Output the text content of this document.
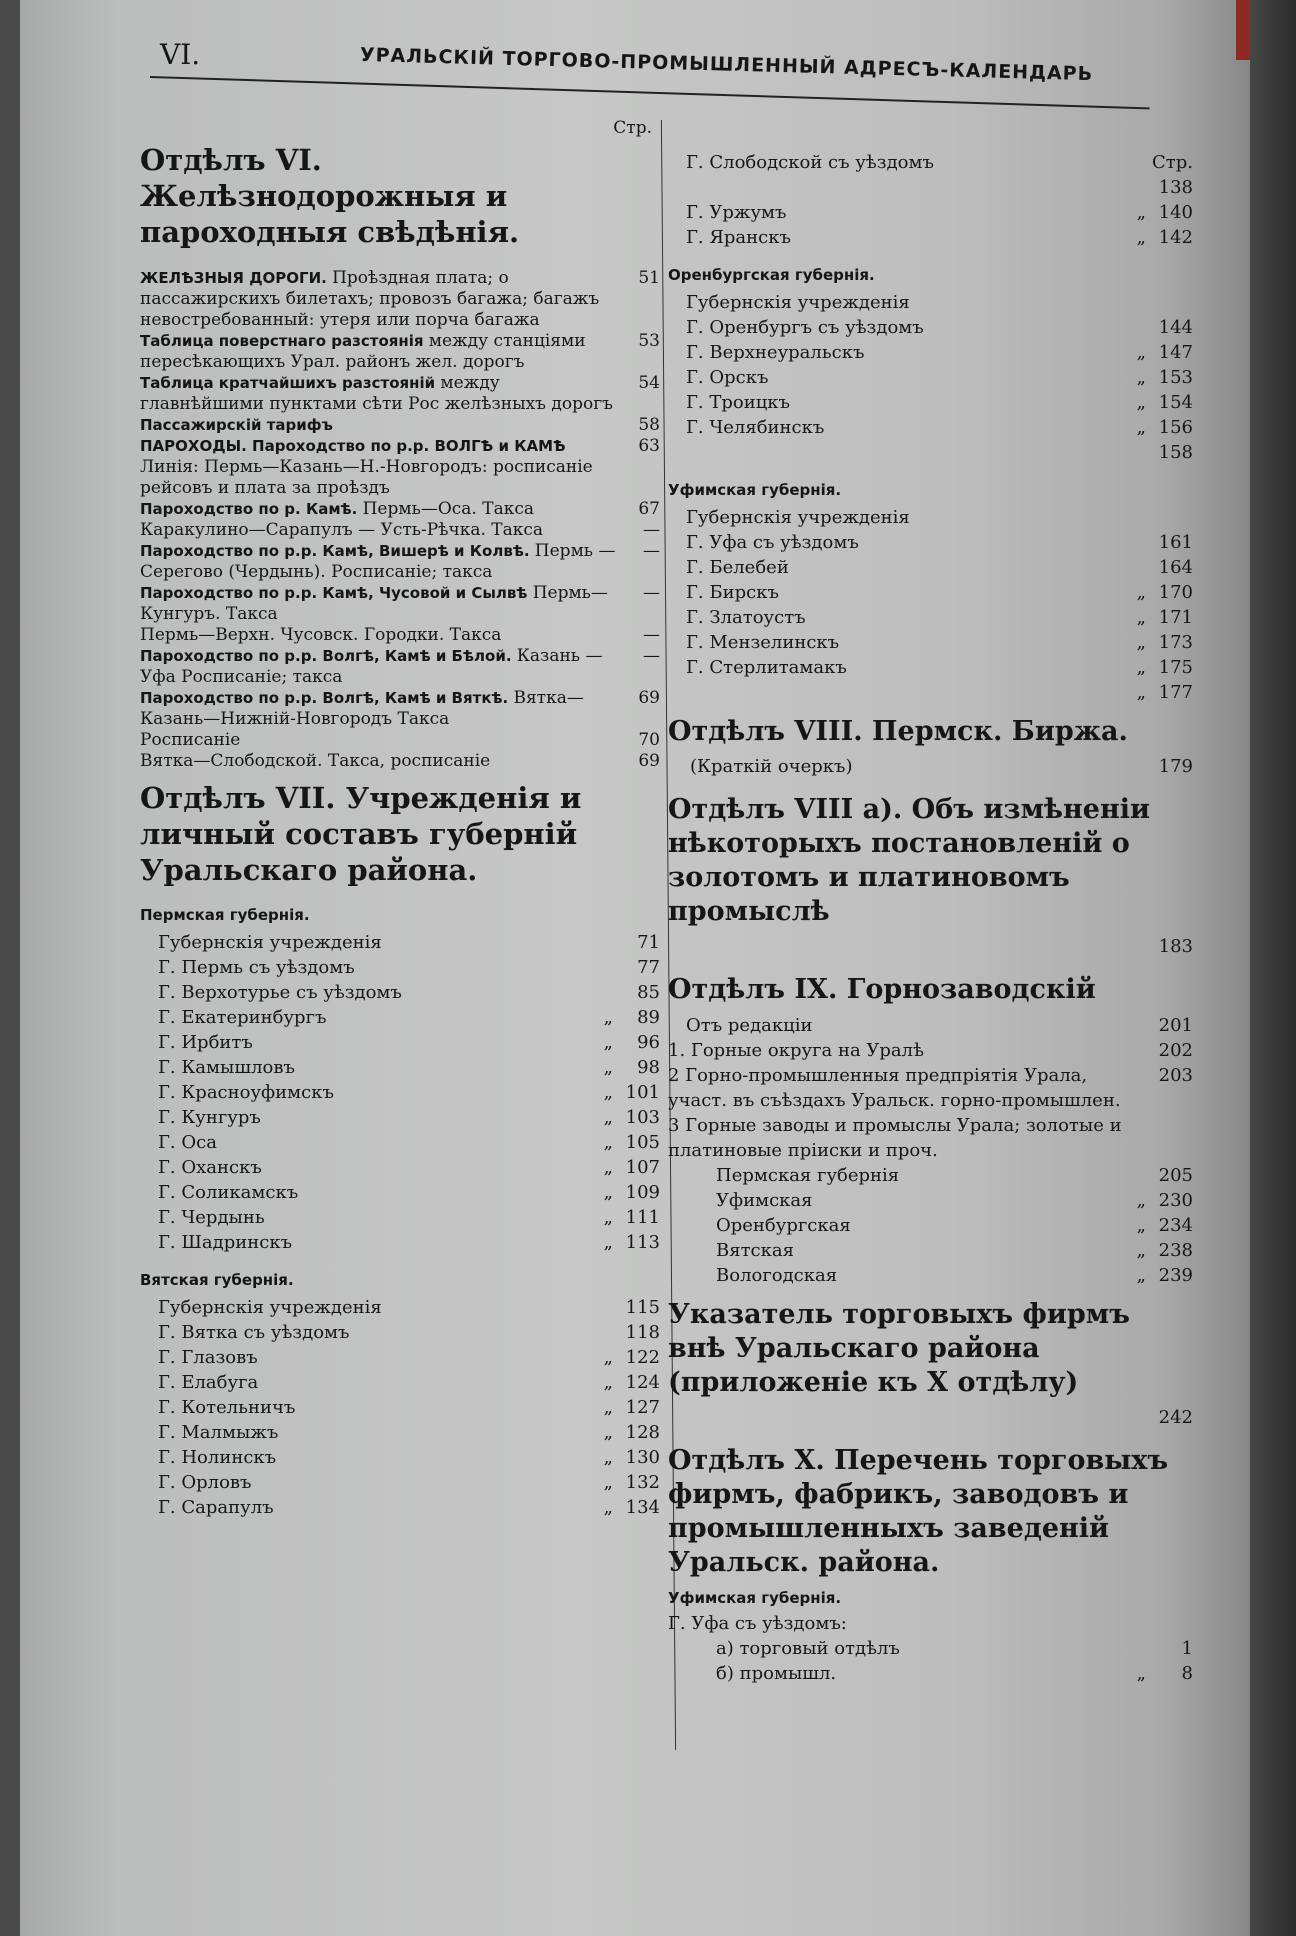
VI.	УРАЛЬСКІЙ ТОРГОВО-ПРОМЫШЛЕННЫЙ АДРЕСЪ-КАЛЕНДАРЬ
Стр.
Отдѣлъ VI. Желѣзнодорожныя и пароходныя свѣдѣнія.
ЖЕЛѢЗНЫЯ ДОРОГИ. Проѣздная плата; о пассажирскихъ билетахъ; провозъ багажа; багажъ невостребованный: утеря или порча багажа
51
Таблица поверстнаго разстоянія между станціями пересѣкающихъ Урал. районъ жел. дорогъ
53
Таблица кратчайшихъ разстояній между главнѣйшими пунктами сѣти Рос желѣзныхъ дорогъ
54
Пассажирскій тарифъ	58
ПАРОХОДЫ. Пароходство по р.р. ВОЛГѢ и КАМѢ Линія: Пермь—Казань—Н.-Новгородъ: росписаніе рейсовъ и плата за проѣздъ
63
Пароходство по р. Камѣ. Пермь—Оса. Такса	67
Каракулино—Сарапулъ — Усть-Рѣчка. Такса	—
Пароходство по р.р. Камѣ, Вишерѣ и Колвѣ. Пермь —Серегово (Чердынь). Росписаніе; такса
—
Пароходство по р.р. Камѣ, Чусовой и Сылвѣ Пермь—Кунгуръ. Такса
—
Пермь—Верхн. Чусовск. Городки. Такса	—
Пароходство по р.р. Волгѣ, Камѣ и Бѣлой. Казань — Уфа Росписаніе; такса
—
Пароходство по р.р. Волгѣ, Камѣ и Вяткѣ. Вятка—Казань—Нижній-Новгородъ Такса
69
Росписаніе	70
Вятка—Слободской. Такса, росписаніе	69
Отдѣлъ VII. Учрежденія и личный составъ губерній Уральскаго района.
Пермская губернія.
Губернскія учрежденія	71
Г. Пермь съ уѣздомъ	77
Г. Верхотурье съ уѣздомъ	85
Г. Екатеринбургъ	„	89
Г. Ирбитъ	„	96
Г. Камышловъ	„	98
Г. Красноуфимскъ	„ 101
Г. Кунгуръ	„ 103
Г. Оса	„ 105
Г. Оханскъ	„ 107
Г. Соликамскъ	„ 109
Г. Чердынь	„ 111
Г. Шадринскъ	„ 113
Вятская губернія.
Губернскія учрежденія	115
Г. Вятка съ уѣздомъ	118
Г. Глазовъ	„ 122
Г. Елабуга	„ 124
Г. Котельничъ	„ 127
Г. Малмыжъ	„ 128
Г. Нолинскъ	„ 130
Г. Орловъ	„ 132
Г. Сарапулъ	„ 134
Г. Слободской съ уѣздомъ	Стр. 138
Г. Уржумъ	„ 140
Г. Яранскъ	„ 142
Оренбургская губернія.
Губернскія учрежденія
Г. Оренбургъ съ уѣздомъ	144
Г. Верхнеуральскъ	„ 147
Г. Орскъ	„ 153
Г. Троицкъ	„ 154
Г. Челябинскъ	„ 156
158
Уфимская губернія.
Губернскія учрежденія
Г. Уфа съ уѣздомъ	161
Г. Белебей	164
Г. Бирскъ	„ 170
Г. Златоустъ	„ 171
Г. Мензелинскъ	„ 173
Г. Стерлитамакъ	„ 175
„ 177
Отдѣлъ VIII. Пермск. Биржа.
(Краткій очеркъ)	179
Отдѣлъ VIII а). Объ измѣненіи нѣкоторыхъ постановленій о золотомъ и платиновомъ промыслѣ
183
Отдѣлъ IX. Горнозаводскій
Отъ редакціи	201
1. Горные округа на Уралѣ	202
2 Горно-промышленныя предпріятія Урала, участ. въ съѣздахъ Уральск. горно-промышлен.
203
3 Горные заводы и промыслы Урала; золотые и платиновые пріиски и проч.
Пермская губернія	205
Уфимская	„ 230
Оренбургская	„ 234
Вятская	„ 238
Вологодская	„ 239
Указатель торговыхъ фирмъ внѣ Уральскаго района (приложеніе къ X отдѣлу)
242
Отдѣлъ X. Перечень торговыхъ фирмъ, фабрикъ, заводовъ и промышленныхъ заведеній Уральск. района.
Уфимская губернія.
Г. Уфа съ уѣздомъ:
а) торговый отдѣлъ	1
б) промышл.	„	8
